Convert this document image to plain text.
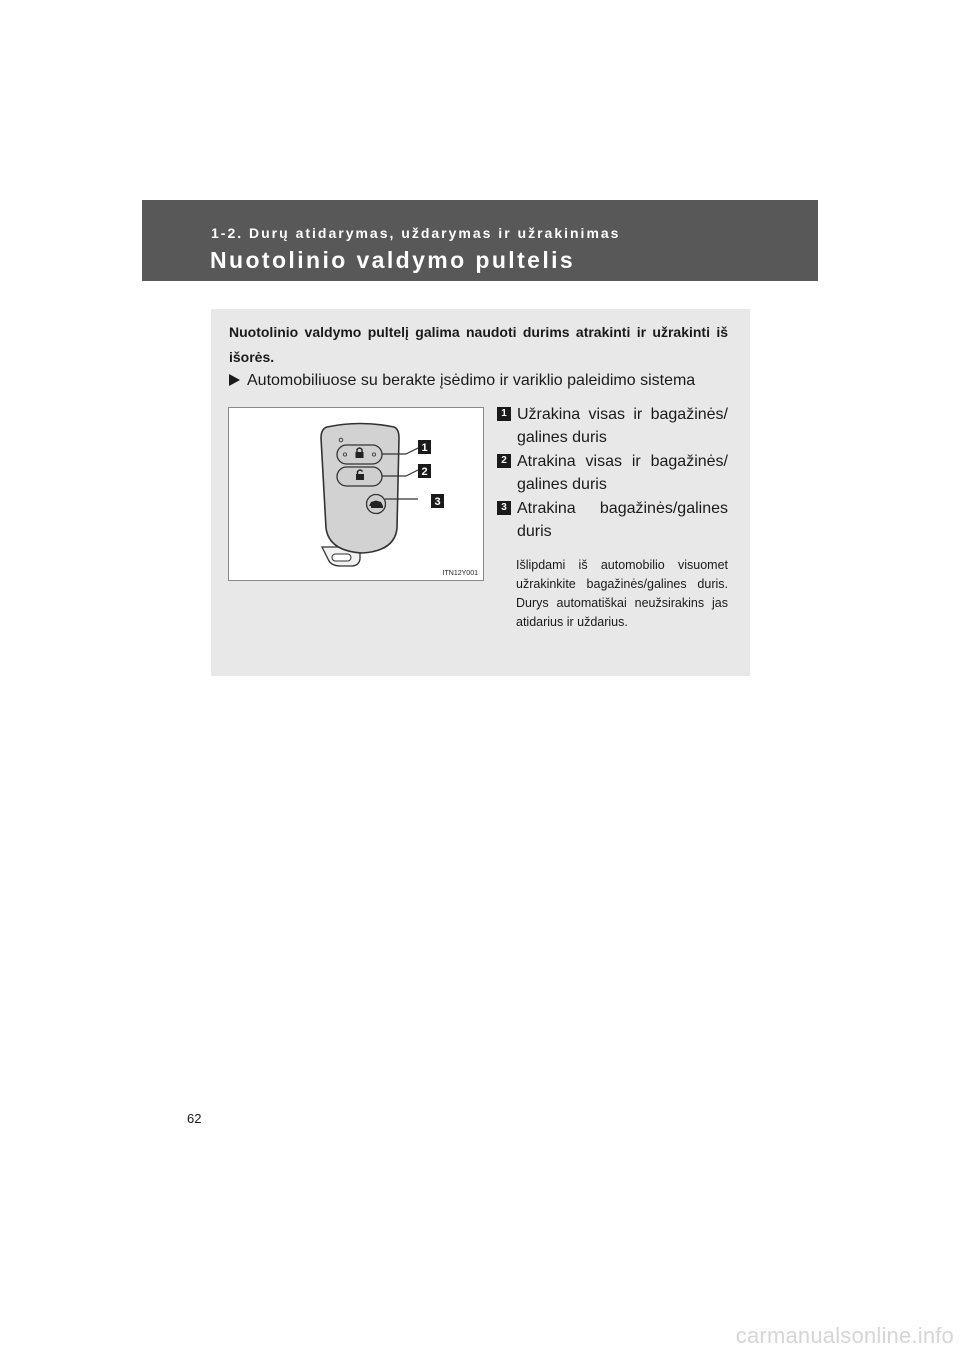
1-2. Durų atidarymas, uždarymas ir užrakinimas
Nuotolinio valdymo pultelis
Nuotolinio valdymo pultelį galima naudoti durims atrakinti ir užrakinti iš išorės.
Automobiliuose su berakte įsėdimo ir variklio paleidimo sistema
1
2
3
ITN12Y001
1 Užrakina visas ir bagažinės/ galines duris
2 Atrakina visas ir bagažinės/ galines duris
3 Atrakina bagažinės/galines duris
Išlipdami iš automobilio visuomet užrakinkite bagažinės/galines duris. Durys automatiškai neužsirakins jas atidarius ir uždarius.
62
carmanualsonline.info
